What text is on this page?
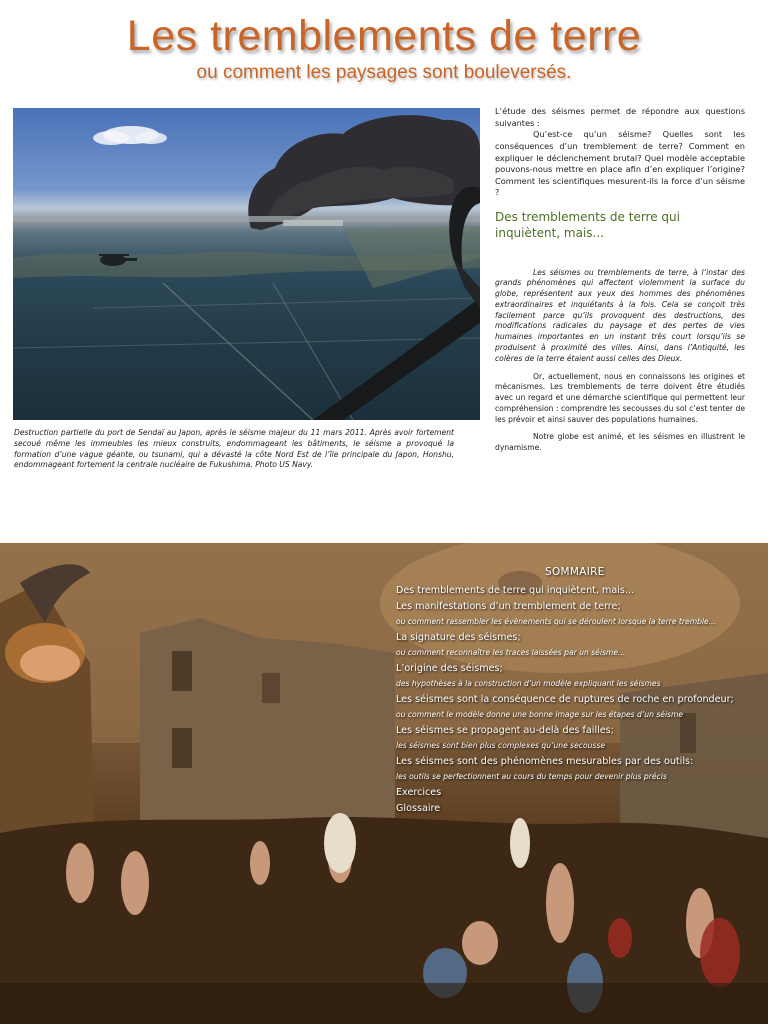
Les tremblements de terre
ou comment les paysages sont bouleversés.

Destruction partielle du port de Sendaï au Japon, après le séisme majeur du 11 mars 2011. Après avoir fortement secoué même les immeubles les mieux construits, endommageant les bâtiments, le séisme a provoqué la formation d’une vague géante, ou tsunami, qui a dévasté la côte Nord Est de l’île principale du Japon, Honshu, endommageant fortement la centrale nucléaire de Fukushima. Photo US Navy.

L’étude des séismes permet de répondre aux questions suivantes :
Qu’est-ce qu’un séisme? Quelles sont les conséquences d’un tremblement de terre? Comment en expliquer le déclenchement brutal? Quel modèle acceptable pouvons-nous mettre en place afin d’en expliquer l’origine? Comment les scientifiques mesurent-ils la force d’un séisme ?

Des tremblements de terre qui inquiètent, mais...

Les séismes ou tremblements de terre, à l’instar des grands phénomènes qui affectent violemment la surface du globe, représentent aux yeux des hommes des phénomènes extraordinaires et inquiétants à la fois. Cela se conçoit très facilement parce qu’ils provoquent des destructions, des modifications radicales du paysage et des pertes de vies humaines importantes en un instant très court lorsqu’ils se produisent à proximité des villes. Ainsi, dans l’Antiquité, les colères de la terre étaient aussi celles des Dieux.

Or, actuellement, nous en connaissons les origines et mécanismes. Les tremblements de terre doivent être étudiés avec un regard et une démarche scientifique qui permettent leur compréhension : comprendre les secousses du sol c’est tenter de les prévoir et ainsi sauver des populations humaines.

Notre globe est animé, et les séismes en illustrent le dynamisme.

SOMMAIRE
Des tremblements de terre qui inquiètent, mais...
Les manifestations d’un tremblement de terre;
ou comment rassembler les évènements qui se déroulent lorsque la terre tremble...
La signature des séismes;
ou comment reconnaître les traces laissées par un séisme...
L’origine des séismes;
des hypothèses à la construction d’un modèle expliquant les séismes
Les séismes sont la conséquence de ruptures de roche en profondeur;
ou comment le modèle donne une bonne image sur les étapes d’un séisme
Les séismes se propagent au-delà des failles;
les séismes sont bien plus complexes qu’une secousse
Les séismes sont des phénomènes mesurables par des outils:
les outils se perfectionnent au cours du temps pour devenir plus précis
Exercices
Glossaire
